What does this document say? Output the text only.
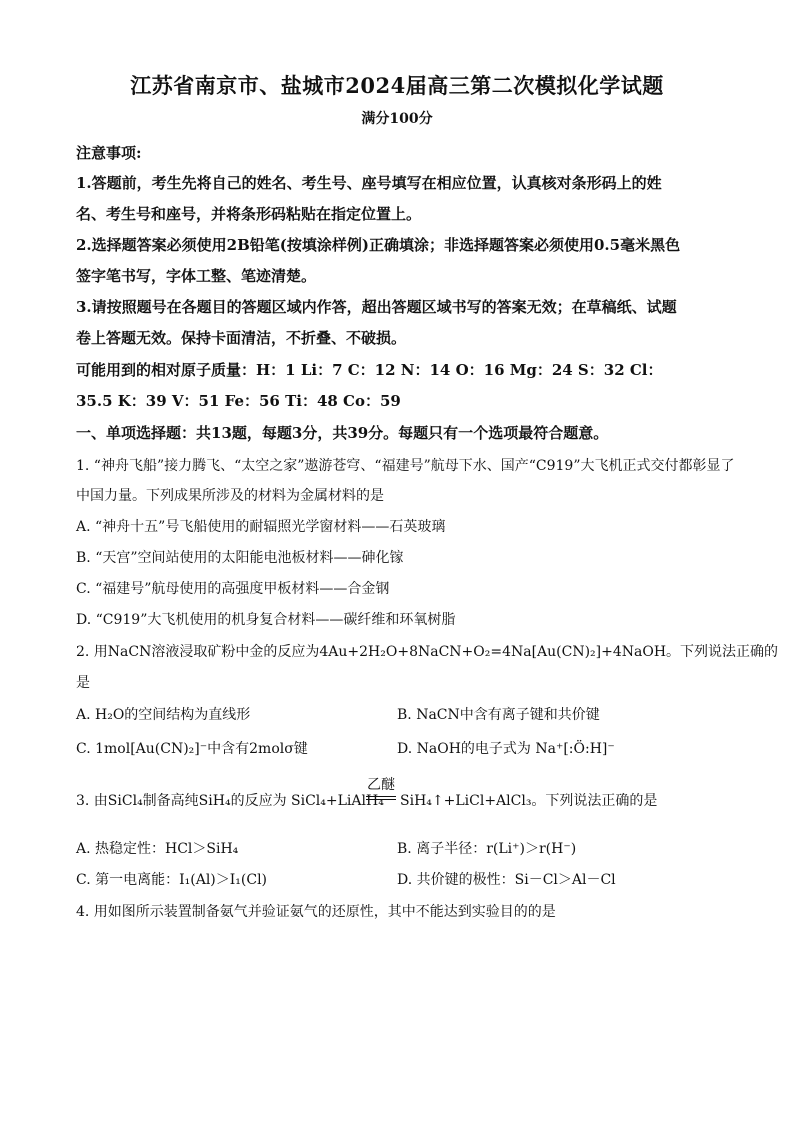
江苏省南京市、盐城市2024届高三第二次模拟化学试题
满分100分
注意事项:
1.答题前，考生先将自己的姓名、考生号、座号填写在相应位置，认真核对条形码上的姓
名、考生号和座号，并将条形码粘贴在指定位置上。
2.选择题答案必须使用2B铅笔(按填涂样例)正确填涂；非选择题答案必须使用0.5毫米黑色
签字笔书写，字体工整、笔迹清楚。
3.请按照题号在各题目的答题区域内作答，超出答题区域书写的答案无效；在草稿纸、试题
卷上答题无效。保持卡面清洁，不折叠、不破损。
可能用到的相对原子质量：H：1 Li：7 C：12 N：14 O：16 Mg：24 S：32 Cl：
35.5 K：39 V：51 Fe：56 Ti：48 Co：59
一、单项选择题：共13题，每题3分，共39分。每题只有一个选项最符合题意。
1. “神舟飞船”接力腾飞、“太空之家”遨游苍穹、“福建号”航母下水、国产“C919”大飞机正式交付都彰显了
中国力量。下列成果所涉及的材料为金属材料的是
A. “神舟十五”号飞船使用的耐辐照光学窗材料——石英玻璃
B. “天宫”空间站使用的太阳能电池板材料——砷化镓
C. “福建号”航母使用的高强度甲板材料——合金钢
D. “C919”大飞机使用的机身复合材料——碳纤维和环氧树脂
2. 用NaCN溶液浸取矿粉中金的反应为4Au+2H₂O+8NaCN+O₂=4Na[Au(CN)₂]+4NaOH。下列说法正确的
是
A. H₂O的空间结构为直线形	B. NaCN中含有离子键和共价键
C. 1mol[Au(CN)₂]⁻中含有2molσ键	D. NaOH的电子式为 Na⁺[:Ö:H]⁻
3. 由SiCl₄制备高纯SiH₄的反应为 SiCl₄+LiAlH₄
乙醚
SiH₄↑+LiCl+AlCl₃。下列说法正确的是
A. 热稳定性：HCl＞SiH₄	B. 离子半径：r(Li⁺)＞r(H⁻)
C. 第一电离能：I₁(Al)＞I₁(Cl)	D. 共价键的极性：Si－Cl＞Al－Cl
4. 用如图所示装置制备氨气并验证氨气的还原性，其中不能达到实验目的的是
